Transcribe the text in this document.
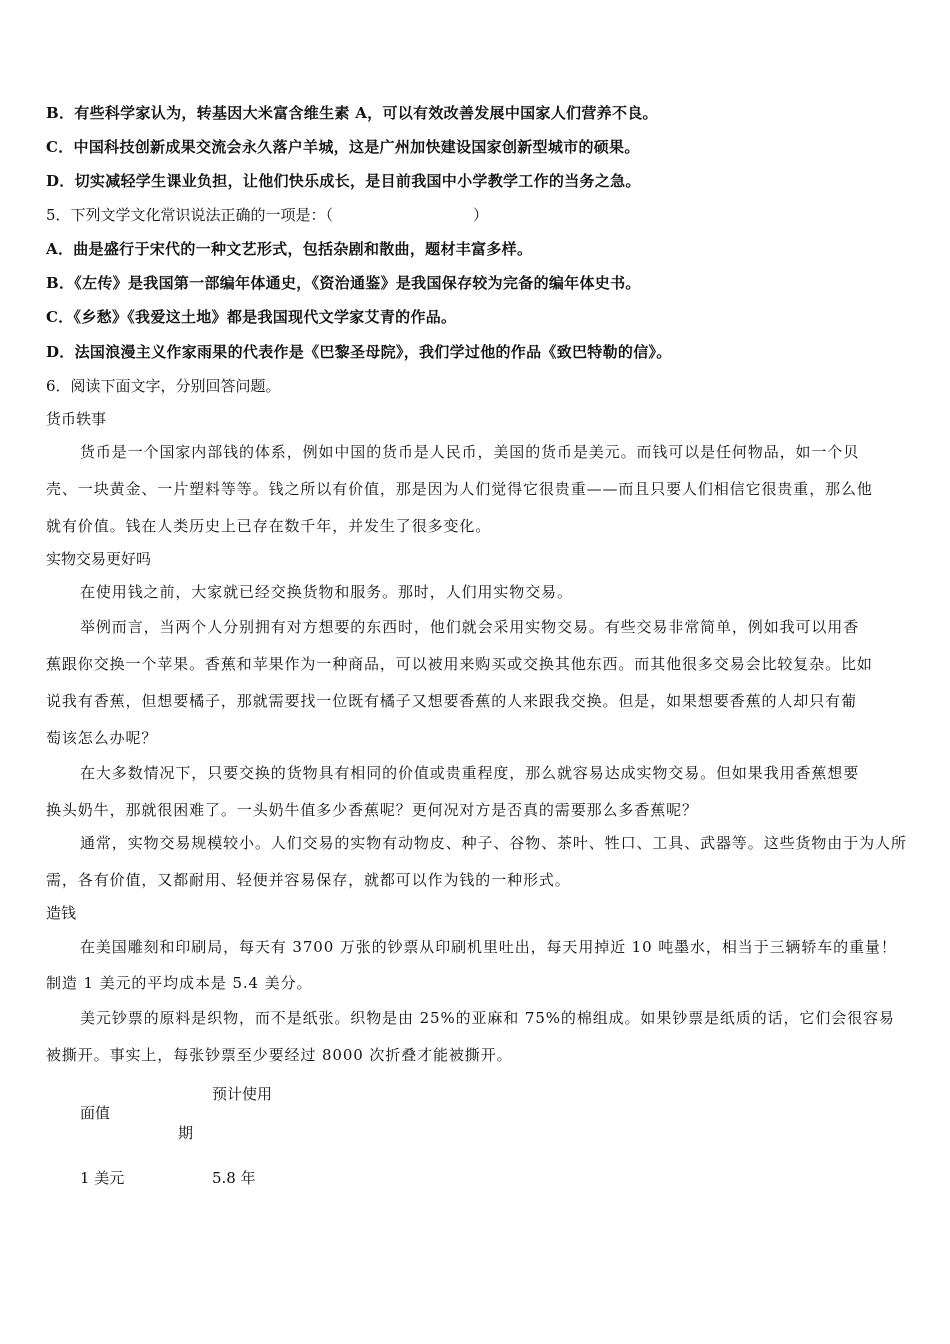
B．有些科学家认为，转基因大米富含维生素 A，可以有效改善发展中国家人们营养不良。
C．中国科技创新成果交流会永久落户羊城，这是广州加快建设国家创新型城市的硕果。
D．切实减轻学生课业负担，让他们快乐成长，是目前我国中小学教学工作的当务之急。
5．下列文学文化常识说法正确的一项是：（	）
A．曲是盛行于宋代的一种文艺形式，包括杂剧和散曲，题材丰富多样。
B．《左传》是我国第一部编年体通史，《资治通鉴》是我国保存较为完备的编年体史书。
C．《乡愁》《我爱这土地》都是我国现代文学家艾青的作品。
D．法国浪漫主义作家雨果的代表作是《巴黎圣母院》，我们学过他的作品《致巴特勒的信》。
6．阅读下面文字，分别回答问题。
货币轶事
货币是一个国家内部钱的体系，例如中国的货币是人民币，美国的货币是美元。而钱可以是任何物品，如一个贝
壳、一块黄金、一片塑料等等。钱之所以有价值，那是因为人们觉得它很贵重——而且只要人们相信它很贵重，那么他
就有价值。钱在人类历史上已存在数千年，并发生了很多变化。
实物交易更好吗
在使用钱之前，大家就已经交换货物和服务。那时，人们用实物交易。
举例而言，当两个人分别拥有对方想要的东西时，他们就会采用实物交易。有些交易非常简单，例如我可以用香
蕉跟你交换一个苹果。香蕉和苹果作为一种商品，可以被用来购买或交换其他东西。而其他很多交易会比较复杂。比如
说我有香蕉，但想要橘子，那就需要找一位既有橘子又想要香蕉的人来跟我交换。但是，如果想要香蕉的人却只有葡
萄该怎么办呢？
在大多数情况下，只要交换的货物具有相同的价值或贵重程度，那么就容易达成实物交易。但如果我用香蕉想要
换头奶牛，那就很困难了。一头奶牛值多少香蕉呢？更何况对方是否真的需要那么多香蕉呢？
通常，实物交易规模较小。人们交易的实物有动物皮、种子、谷物、茶叶、牲口、工具、武器等。这些货物由于为人所
需，各有价值，又都耐用、轻便并容易保存，就都可以作为钱的一种形式。
造钱
在美国雕刻和印刷局，每天有 3700 万张的钞票从印刷机里吐出，每天用掉近 10 吨墨水，相当于三辆轿车的重量！
制造 1 美元的平均成本是 5.4 美分。
美元钞票的原料是织物，而不是纸张。织物是由 25%的亚麻和 75%的棉组成。如果钞票是纸质的话，它们会很容易
被撕开。事实上，每张钞票至少要经过 8000 次折叠才能被撕开。
预计使用
面值
期
1 美元	5.8 年
